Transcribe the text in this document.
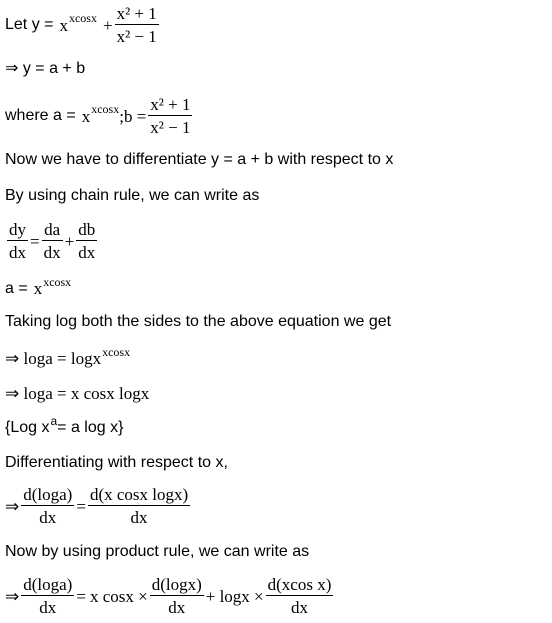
Let y = x $xcosx + \frac{\text{x² + 1}}{\text{x² − 1}}$
⇒ y = a + b
where a = x xcosx ;b = $\frac{\text{x² + 1}}{\text{x² − 1}}$
Now we have to differentiate y = a + b with respect to x
By using chain rule, we can write as
$\frac{dy}{dx} = \frac{da}{dx} + \frac{db}{dx}$
a = x xcosx
Taking log both the sides to the above equation we get
⇒ loga = logx xcosx
⇒ loga = x cosx logx
{Log x a = a log x}
Differentiating with respect to x,
⇒ $\frac{d(\log a)}{dx} = \frac{\text{d(x cosx logx)}}{dx}$
Now by using product rule, we can write as
⇒ $\frac{d(\log a)}{dx} = x$ $\cos x \times \frac{d(\log x)}{dx} + \log x \times \frac{\text{d(xcos x)}}{dx}$
